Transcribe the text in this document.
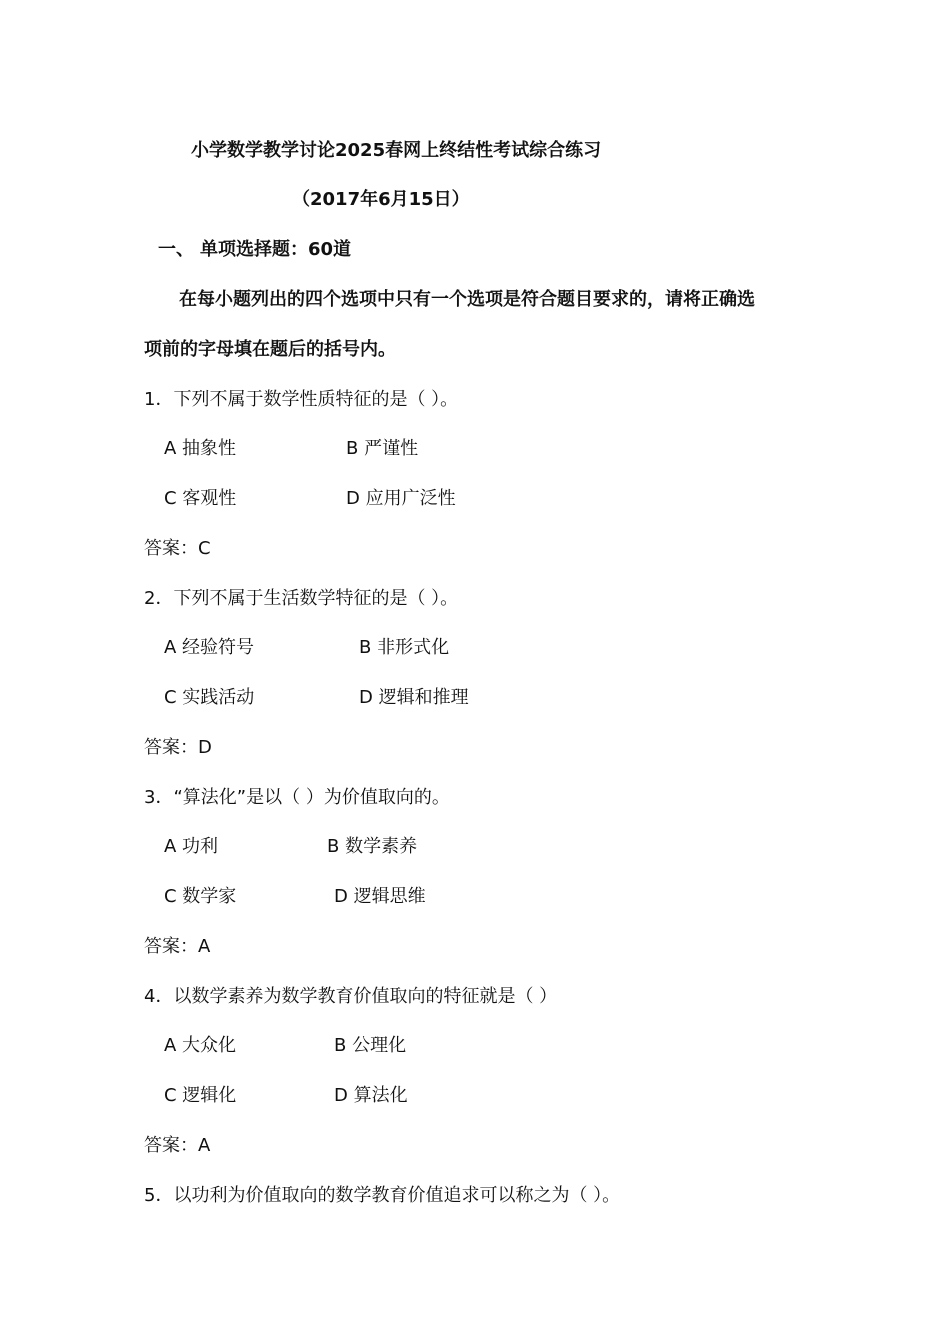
小学数学教学讨论2025春网上终结性考试综合练习
（2017年6月15日）
一、 单项选择题：60道
在每小题列出的四个选项中只有一个选项是符合题目要求的，请将正确选
项前的字母填在题后的括号内。
1．下列不属于数学性质特征的是（ ）。
A 抽象性	B 严谨性
C 客观性	D 应用广泛性
答案：C
2．下列不属于生活数学特征的是（ ）。
A 经验符号	B 非形式化
C 实践活动	D 逻辑和推理
答案：D
3．“算法化”是以（ ）为价值取向的。
A 功利	B 数学素养
C 数学家	D 逻辑思维
答案：A
4．以数学素养为数学教育价值取向的特征就是（ ）
A 大众化	B 公理化
C 逻辑化	D 算法化
答案：A
5．以功利为价值取向的数学教育价值追求可以称之为（ ）。
